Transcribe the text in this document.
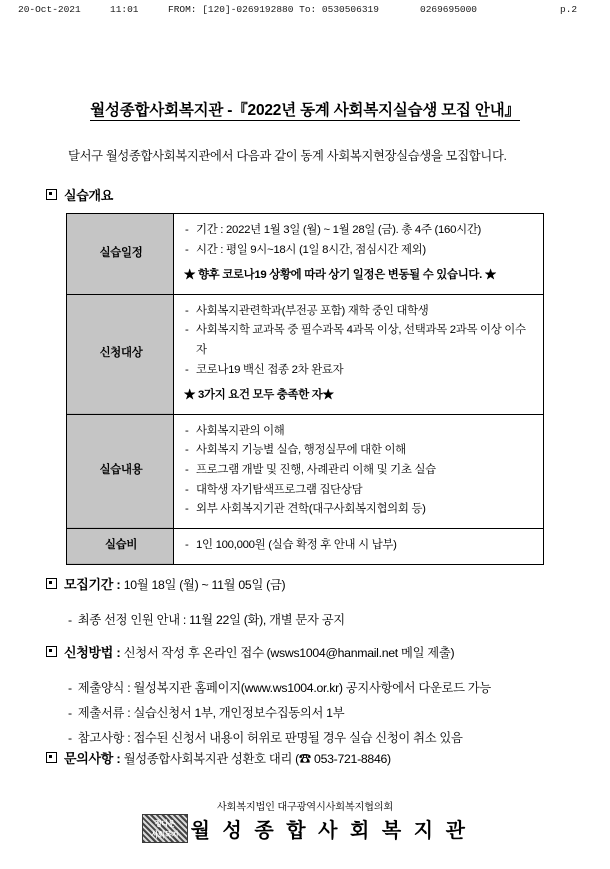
20-Oct-2021	11:01	FROM: [120]-0269192880 To: 0530506319	0269695000	p.2
월성종합사회복지관 -『2022년 동계 사회복지실습생 모집 안내』
달서구 월성종합사회복지관에서 다음과 같이 동계 사회복지현장실습생을 모집합니다.
실습개요
실습일정	
- 기간 : 2022년 1월 3일 (월) ~ 1월 28일 (금). 총 4주 (160시간)
- 시간 : 평일 9시~18시 (1일 8시간, 점심시간 제외)
★ 향후 코로나19 상황에 따라 상기 일정은 변동될 수 있습니다. ★

신청대상	
- 사회복지관련학과(부전공 포함) 재학 중인 대학생
- 사회복지학 교과목 중 필수과목 4과목 이상, 선택과목 2과목 이상 이수자
- 코로나19 백신 접종 2차 완료자
★ 3가지 요건 모두 충족한 자★

실습내용	
- 사회복지관의 이해
- 사회복지 기능별 실습, 행정실무에 대한 이해
- 프로그램 개발 및 진행, 사례관리 이해 및 기초 실습
- 대학생 자기탐색프로그램 집단상담
- 외부 사회복지기관 견학(대구사회복지협의회 등)

실습비	
-1인 100,000원 (실습 확정 후 안내 시 납부)
모집기간 : 10월 18일 (월) ~ 11월 05일 (금)
- 최종 선정 인원 안내 : 11월 22일 (화), 개별 문자 공지
신청방법 : 신청서 작성 후 온라인 접수 (wsws1004@hanmail.net 메일 제출)
- 제출양식 : 월성복지관 홈페이지(www.ws1004.or.kr) 공지사항에서 다운로드 가능
- 제출서류 : 실습신청서 1부, 개인정보수집동의서 1부
- 참고사항 : 접수된 신청서 내용이 허위로 판명될 경우 실습 신청이 취소 있음
문의사항 : 월성종합사회복지관 성환호 대리 (☎ 053-721-8846)
사회복지법인 대구광역시사회복지협의회
정다운
사회복지 월 성 종 합 사 회 복 지 관
